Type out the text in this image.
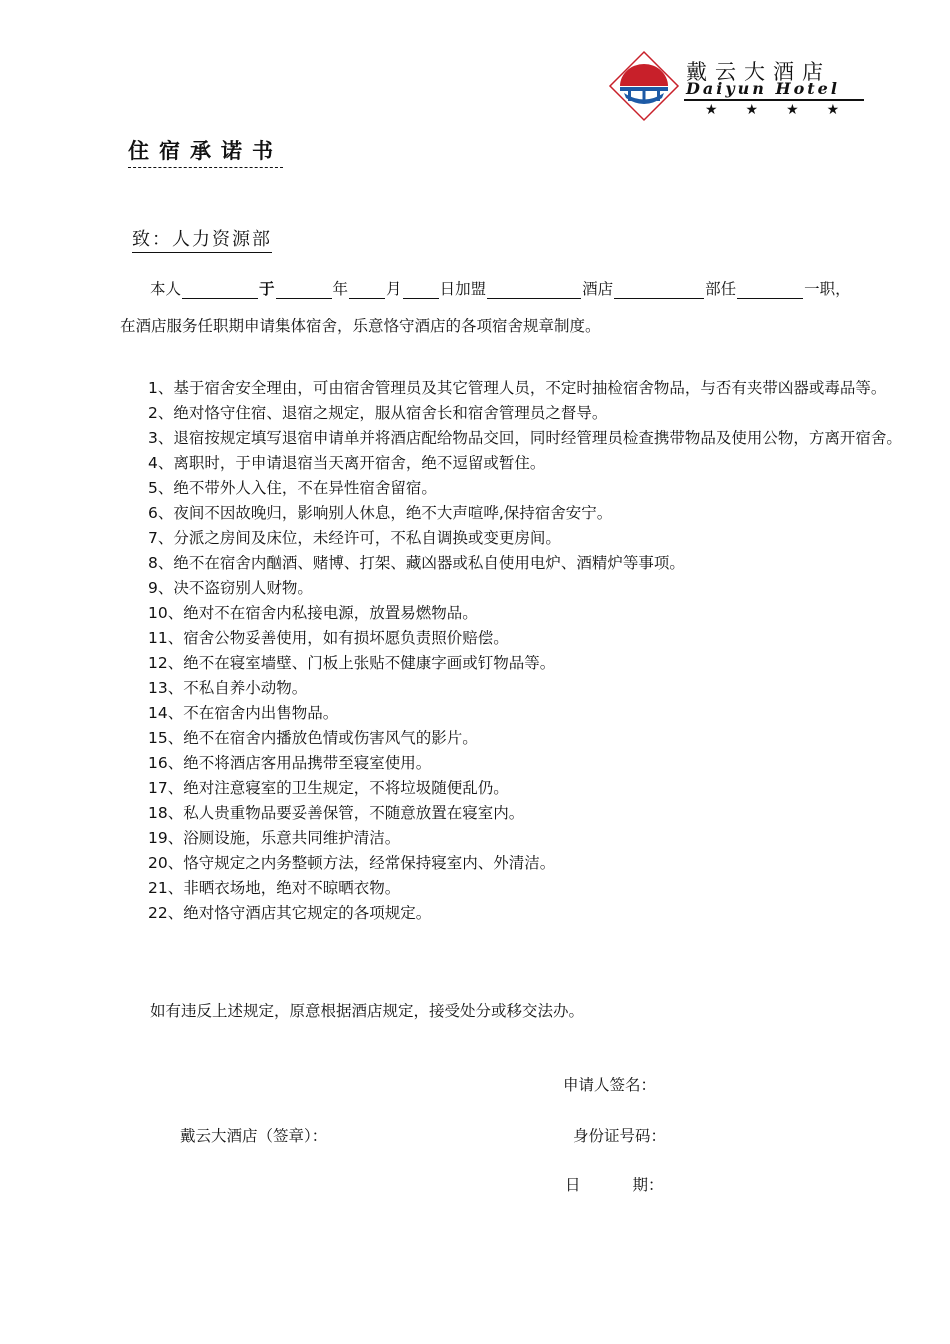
戴云大酒店
Daiyun Hotel
★★★★
住宿承诺书
致：人力资源部
本人	于	年 月 日加盟	酒店	部任	一职，
在酒店服务任职期申请集体宿舍，乐意恪守酒店的各项宿舍规章制度。
1、 基于宿舍安全理由，可由宿舍管理员及其它管理人员，不定时抽检宿舍物品，与否有夹带凶器或毒品等。
2、 绝对恪守住宿、退宿之规定，服从宿舍长和宿舍管理员之督导。
3、 退宿按规定填写退宿申请单并将酒店配给物品交回，同时经管理员检查携带物品及使用公物，方离开宿舍。
4、 离职时，于申请退宿当天离开宿舍，绝不逗留或暂住。
5、 绝不带外人入住，不在异性宿舍留宿。
6、 夜间不因故晚归，影响别人休息，绝不大声喧哗,保持宿舍安宁。
7、 分派之房间及床位，未经许可，不私自调换或变更房间。
8、 绝不在宿舍内酗酒、赌博、打架、藏凶器或私自使用电炉、酒精炉等事项。
9、 决不盗窃别人财物。
10、 绝对不在宿舍内私接电源，放置易燃物品。
11、 宿舍公物妥善使用，如有损坏愿负责照价赔偿。
12、 绝不在寝室墙壁、门板上张贴不健康字画或钉物品等。
13、 不私自养小动物。
14、 不在宿舍内出售物品。
15、 绝不在宿舍内播放色情或伤害风气的影片。
16、 绝不将酒店客用品携带至寝室使用。
17、 绝对注意寝室的卫生规定，不将垃圾随便乱仍。
18、 私人贵重物品要妥善保管，不随意放置在寝室内。
19、 浴厕设施，乐意共同维护清洁。
20、 恪守规定之内务整顿方法，经常保持寝室内、外清洁。
21、 非晒衣场地，绝对不晾晒衣物。
22、 绝对恪守酒店其它规定的各项规定。
如有违反上述规定，原意根据酒店规定，接受处分或移交法办。
申请人签名：
戴云大酒店（签章）：	身份证号码：
日	期：
